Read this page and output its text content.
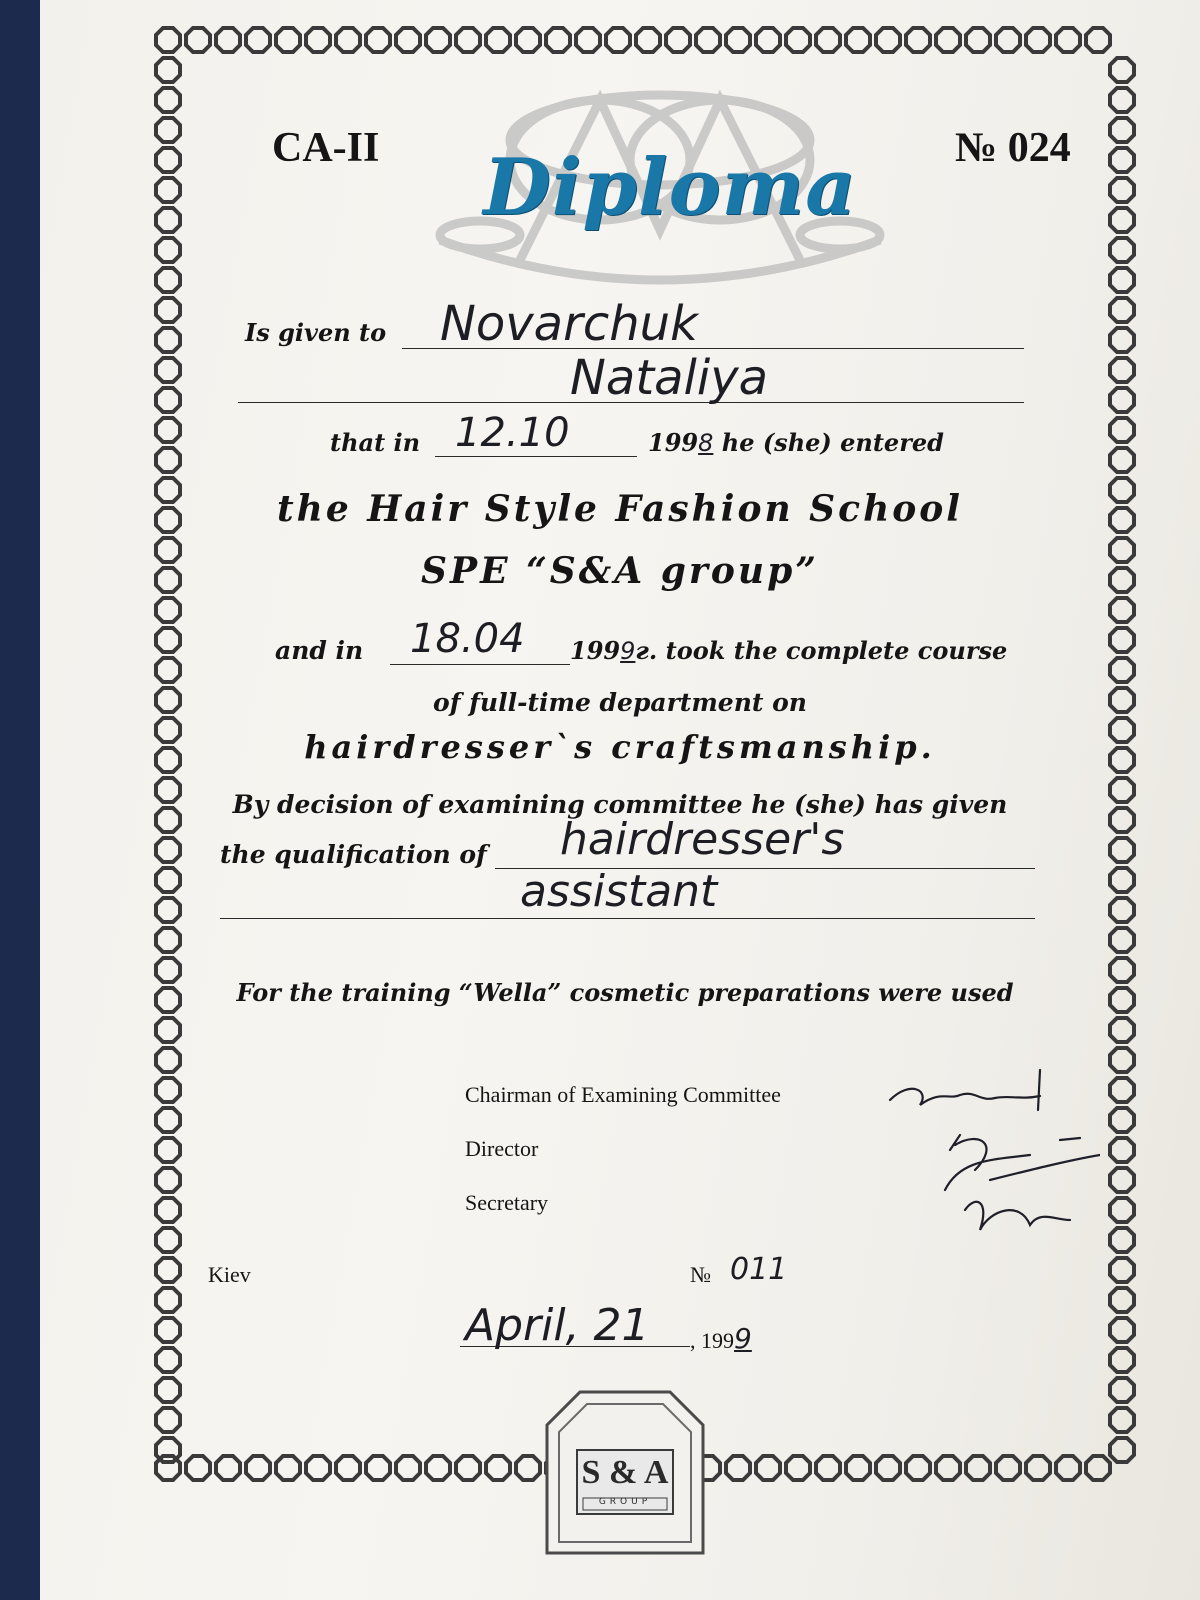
CA-II	№ 024
Diploma
Is given to Novarchuk
Nataliya
that in 12.10	1998 he (she) entered
the Hair Style Fashion School
SPE “S&A group”
and in 18.04 1999г. took the complete course
of full-time department on
hairdresser`s craftsmanship.
By decision of examining committee he (she) has given
the qualification of hairdresser's
assistant
For the training “Wella” cosmetic preparations were used
Chairman of Examining Committee
Director
Secretary
Kiev	№ 011
April, 21 , 1999
S & A
GROUP
